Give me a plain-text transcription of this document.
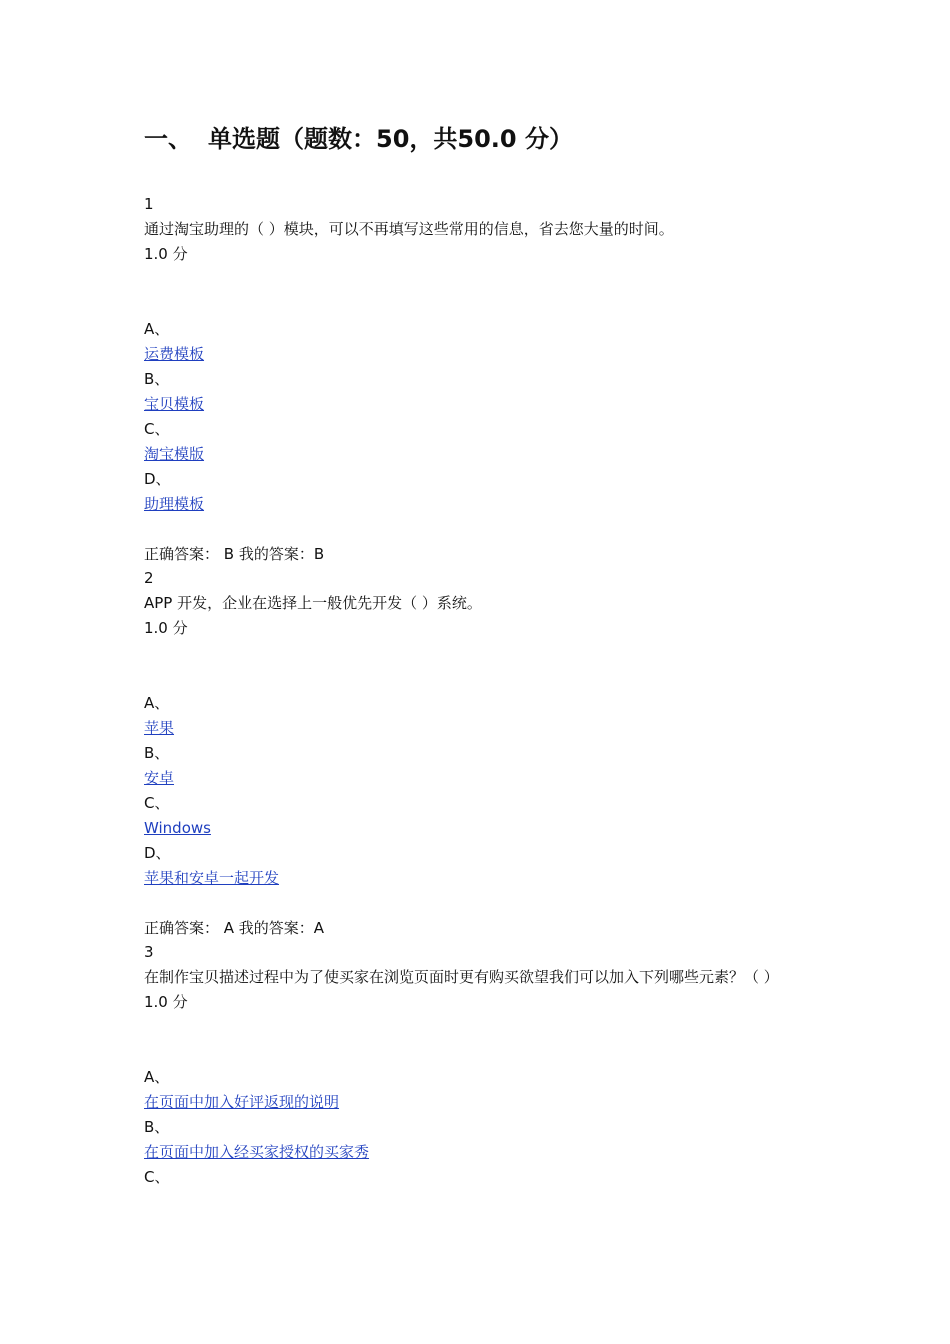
一、 单选题（题数：50，共50.0 分）
1
通过淘宝助理的（ ）模块，可以不再填写这些常用的信息，省去您大量的时间。
1.0 分
A、
运费模板
B、
宝贝模板
C、
淘宝模版
D、
助理模板
正确答案： B 我的答案：B
2
APP 开发，企业在选择上一般优先开发（ ）系统。
1.0 分
A、
苹果
B、
安卓
C、
Windows
D、
苹果和安卓一起开发
正确答案： A 我的答案：A
3
在制作宝贝描述过程中为了使买家在浏览页面时更有购买欲望我们可以加入下列哪些元素？（ ）
1.0 分
A、
在页面中加入好评返现的说明
B、
在页面中加入经买家授权的买家秀
C、
